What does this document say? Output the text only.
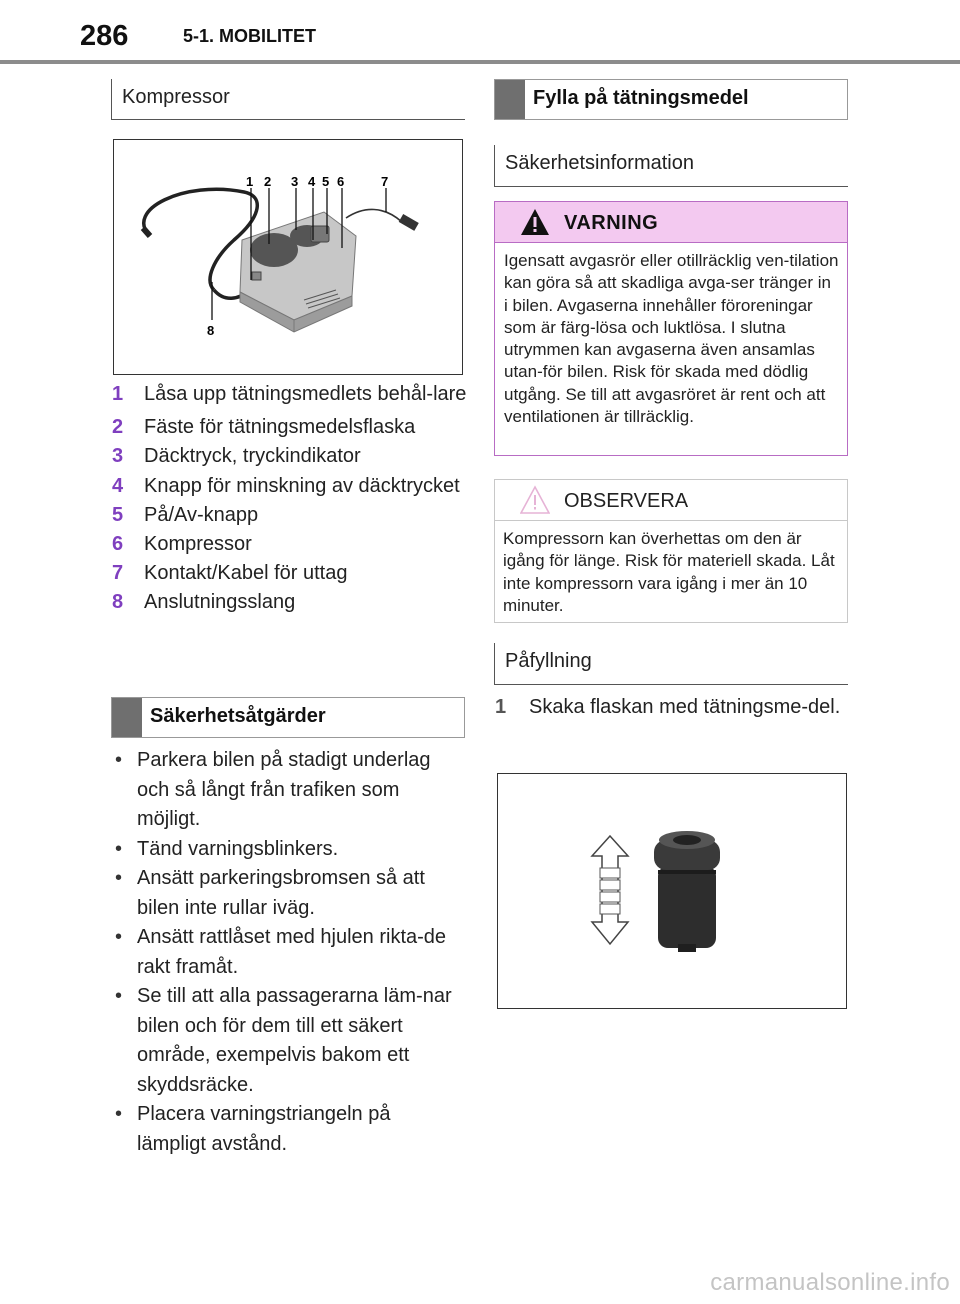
286	5-1. MOBILITET
Kompressor
1 2 3 4 5 6	7
8
1 Låsa upp tätningsmedlets behål-lare
2 Fäste för tätningsmedelsflaska
3 Däcktryck, tryckindikator
4 Knapp för minskning av däcktrycket
5 På/Av-knapp
6 Kompressor
7 Kontakt/Kabel för uttag
8 Anslutningsslang
Säkerhetsåtgärder
• Parkera bilen på stadigt underlag och så långt från trafiken som möjligt.
• Tänd varningsblinkers.
• Ansätt parkeringsbromsen så att bilen inte rullar iväg.
• Ansätt rattlåset med hjulen rikta-de rakt framåt.
• Se till att alla passagerarna läm-nar bilen och för dem till ett säkert område, exempelvis bakom ett skyddsräcke.
• Placera varningstriangeln på lämpligt avstånd.
Fylla på tätningsmedel
Säkerhetsinformation
VARNING
Igensatt avgasrör eller otillräcklig ven-tilation kan göra så att skadliga avga-ser tränger in i bilen. Avgaserna innehåller föroreningar som är färg-lösa och luktlösa. I slutna utrymmen kan avgaserna även ansamlas utan-för bilen. Risk för skada med dödlig utgång. Se till att avgasröret är rent och att ventilationen är tillräcklig.
OBSERVERA
Kompressorn kan överhettas om den är igång för länge. Risk för materiell skada. Låt inte kompressorn vara igång i mer än 10 minuter.
Påfyllning
1 Skaka flaskan med tätningsme-del.
carmanualsonline.info
